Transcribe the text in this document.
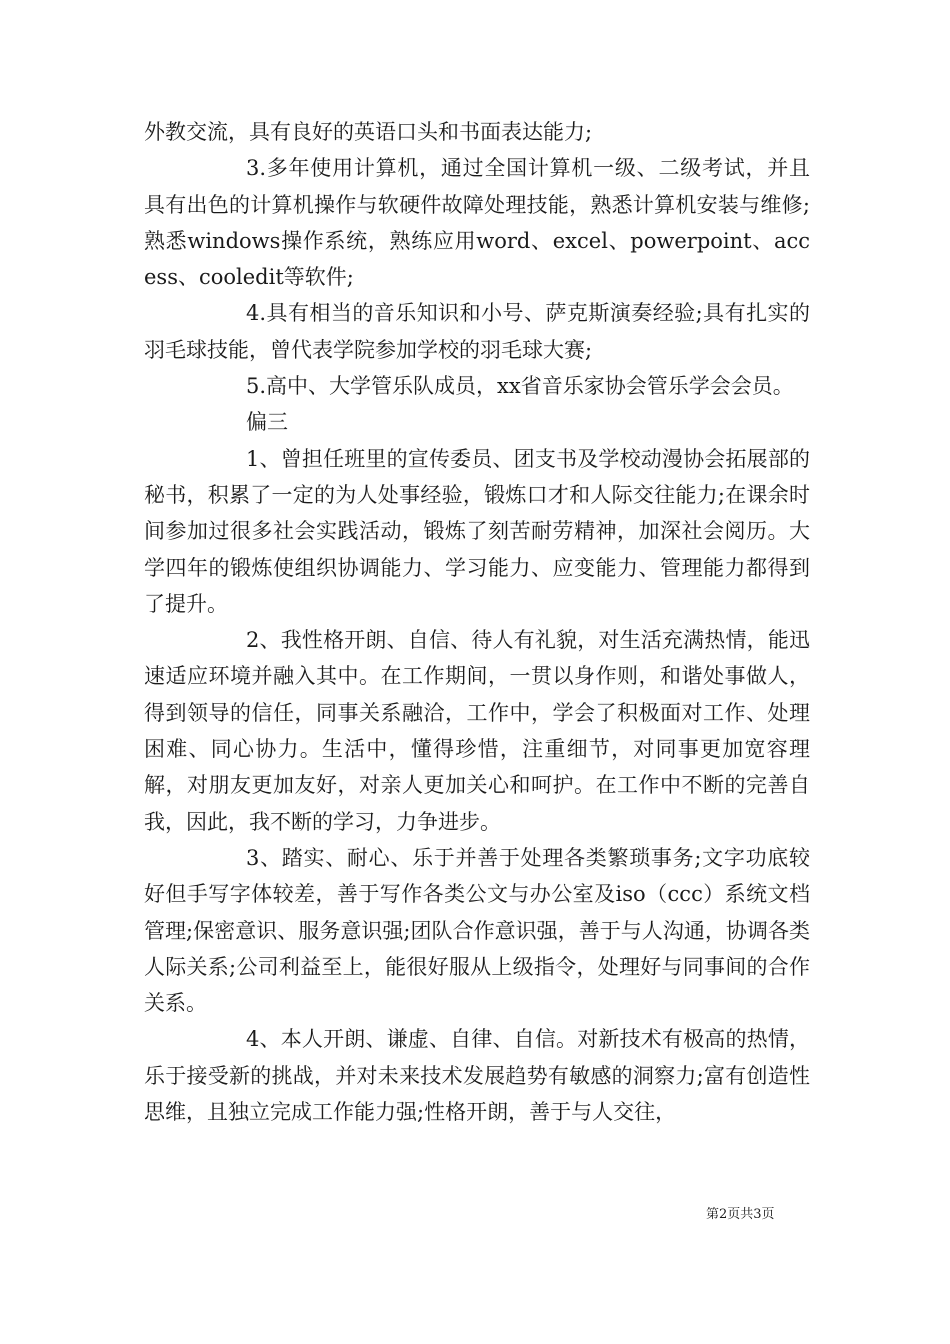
外教交流，具有良好的英语口头和书面表达能力;

3.多年使用计算机，通过全国计算机一级、二级考试，并且具有出色的计算机操作与软硬件故障处理技能，熟悉计算机安装与维修;熟悉windows操作系统，熟练应用word、excel、powerpoint、access、cooledit等软件;

4.具有相当的音乐知识和小号、萨克斯演奏经验;具有扎实的羽毛球技能，曾代表学院参加学校的羽毛球大赛;

5.高中、大学管乐队成员，xx省音乐家协会管乐学会会员。

偏三

1、曾担任班里的宣传委员、团支书及学校动漫协会拓展部的秘书，积累了一定的为人处事经验，锻炼口才和人际交往能力;在课余时间参加过很多社会实践活动，锻炼了刻苦耐劳精神，加深社会阅历。大学四年的锻炼使组织协调能力、学习能力、应变能力、管理能力都得到了提升。

2、我性格开朗、自信、待人有礼貌，对生活充满热情，能迅速适应环境并融入其中。在工作期间，一贯以身作则，和谐处事做人，得到领导的信任，同事关系融洽，工作中，学会了积极面对工作、处理困难、同心协力。生活中，懂得珍惜，注重细节，对同事更加宽容理解，对朋友更加友好，对亲人更加关心和呵护。在工作中不断的完善自我，因此，我不断的学习，力争进步。

3、踏实、耐心、乐于并善于处理各类繁琐事务;文字功底较好但手写字体较差，善于写作各类公文与办公室及iso（ccc）系统文档管理;保密意识、服务意识强;团队合作意识强，善于与人沟通，协调各类人际关系;公司利益至上，能很好服从上级指令，处理好与同事间的合作关系。

4、本人开朗、谦虚、自律、自信。对新技术有极高的热情，乐于接受新的挑战，并对未来技术发展趋势有敏感的洞察力;富有创造性思维，且独立完成工作能力强;性格开朗，善于与人交往，

第2页共3页
